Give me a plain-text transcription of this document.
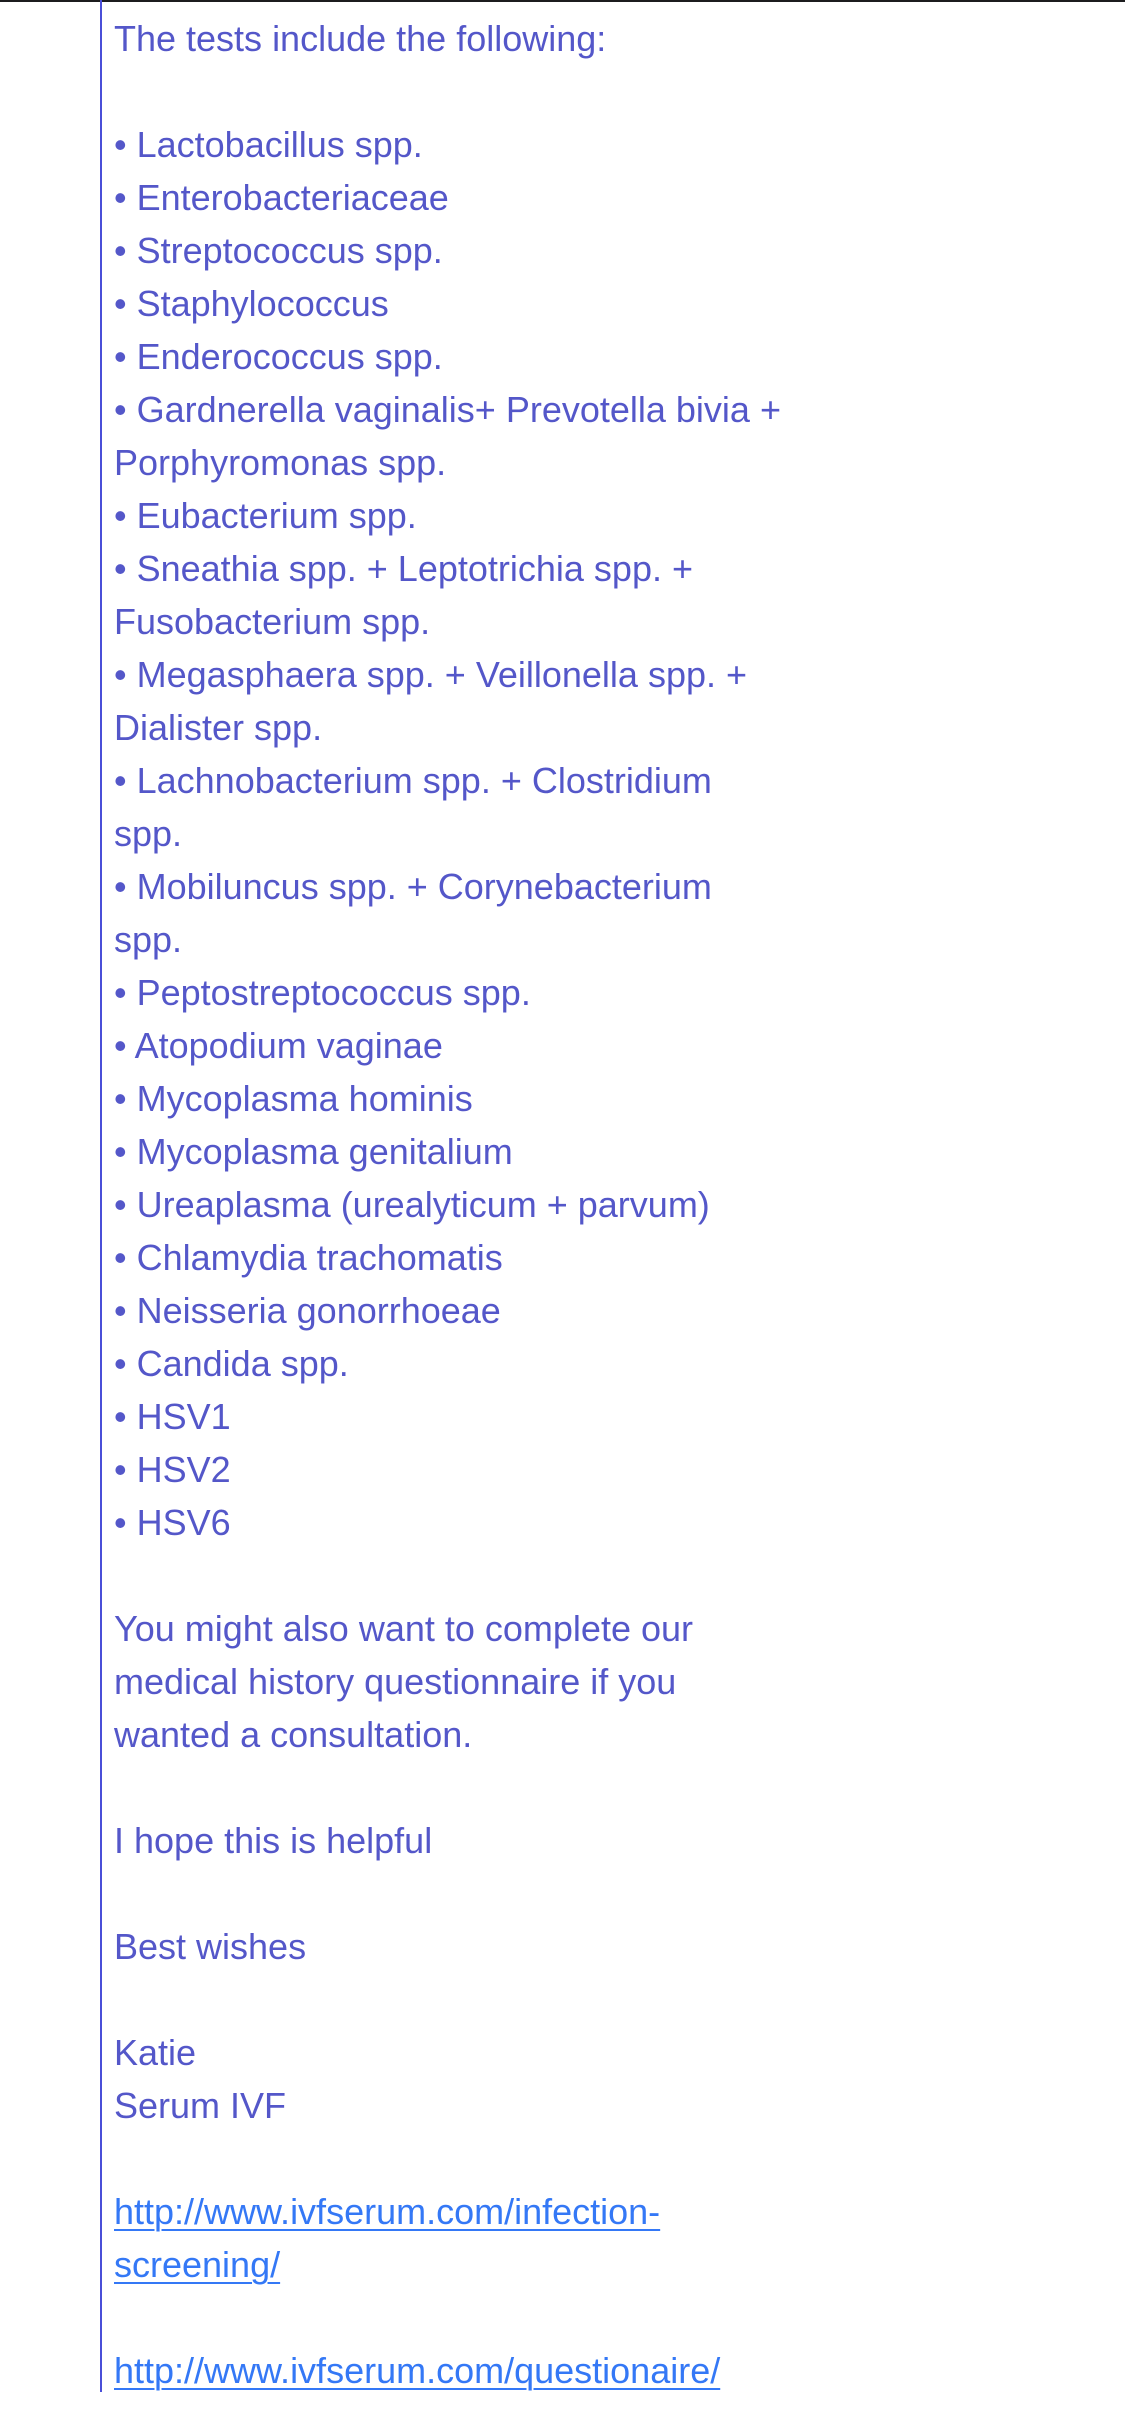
The tests include the following:

• Lactobacillus spp.
• Enterobacteriaceae
• Streptococcus spp.
• Staphylococcus
• Enderococcus spp.
• Gardnerella vaginalis+ Prevotella bivia +
Porphyromonas spp.
• Eubacterium spp.
• Sneathia spp. + Leptotrichia spp. +
Fusobacterium spp.
• Megasphaera spp. + Veillonella spp. +
Dialister spp.
• Lachnobacterium spp. + Clostridium
spp.
• Mobiluncus spp. + Corynebacterium
spp.
• Peptostreptococcus spp.
• Atopodium vaginae
• Mycoplasma hominis
• Mycoplasma genitalium
• Ureaplasma (urealyticum + parvum)
• Chlamydia trachomatis
• Neisseria gonorrhoeae
• Candida spp.
• HSV1
• HSV2
• HSV6

You might also want to complete our
medical history questionnaire if you
wanted a consultation.

I hope this is helpful

Best wishes

Katie

Serum IVF

http://www.ivfserum.com/infection-
screening/

http://www.ivfserum.com/questionaire/
